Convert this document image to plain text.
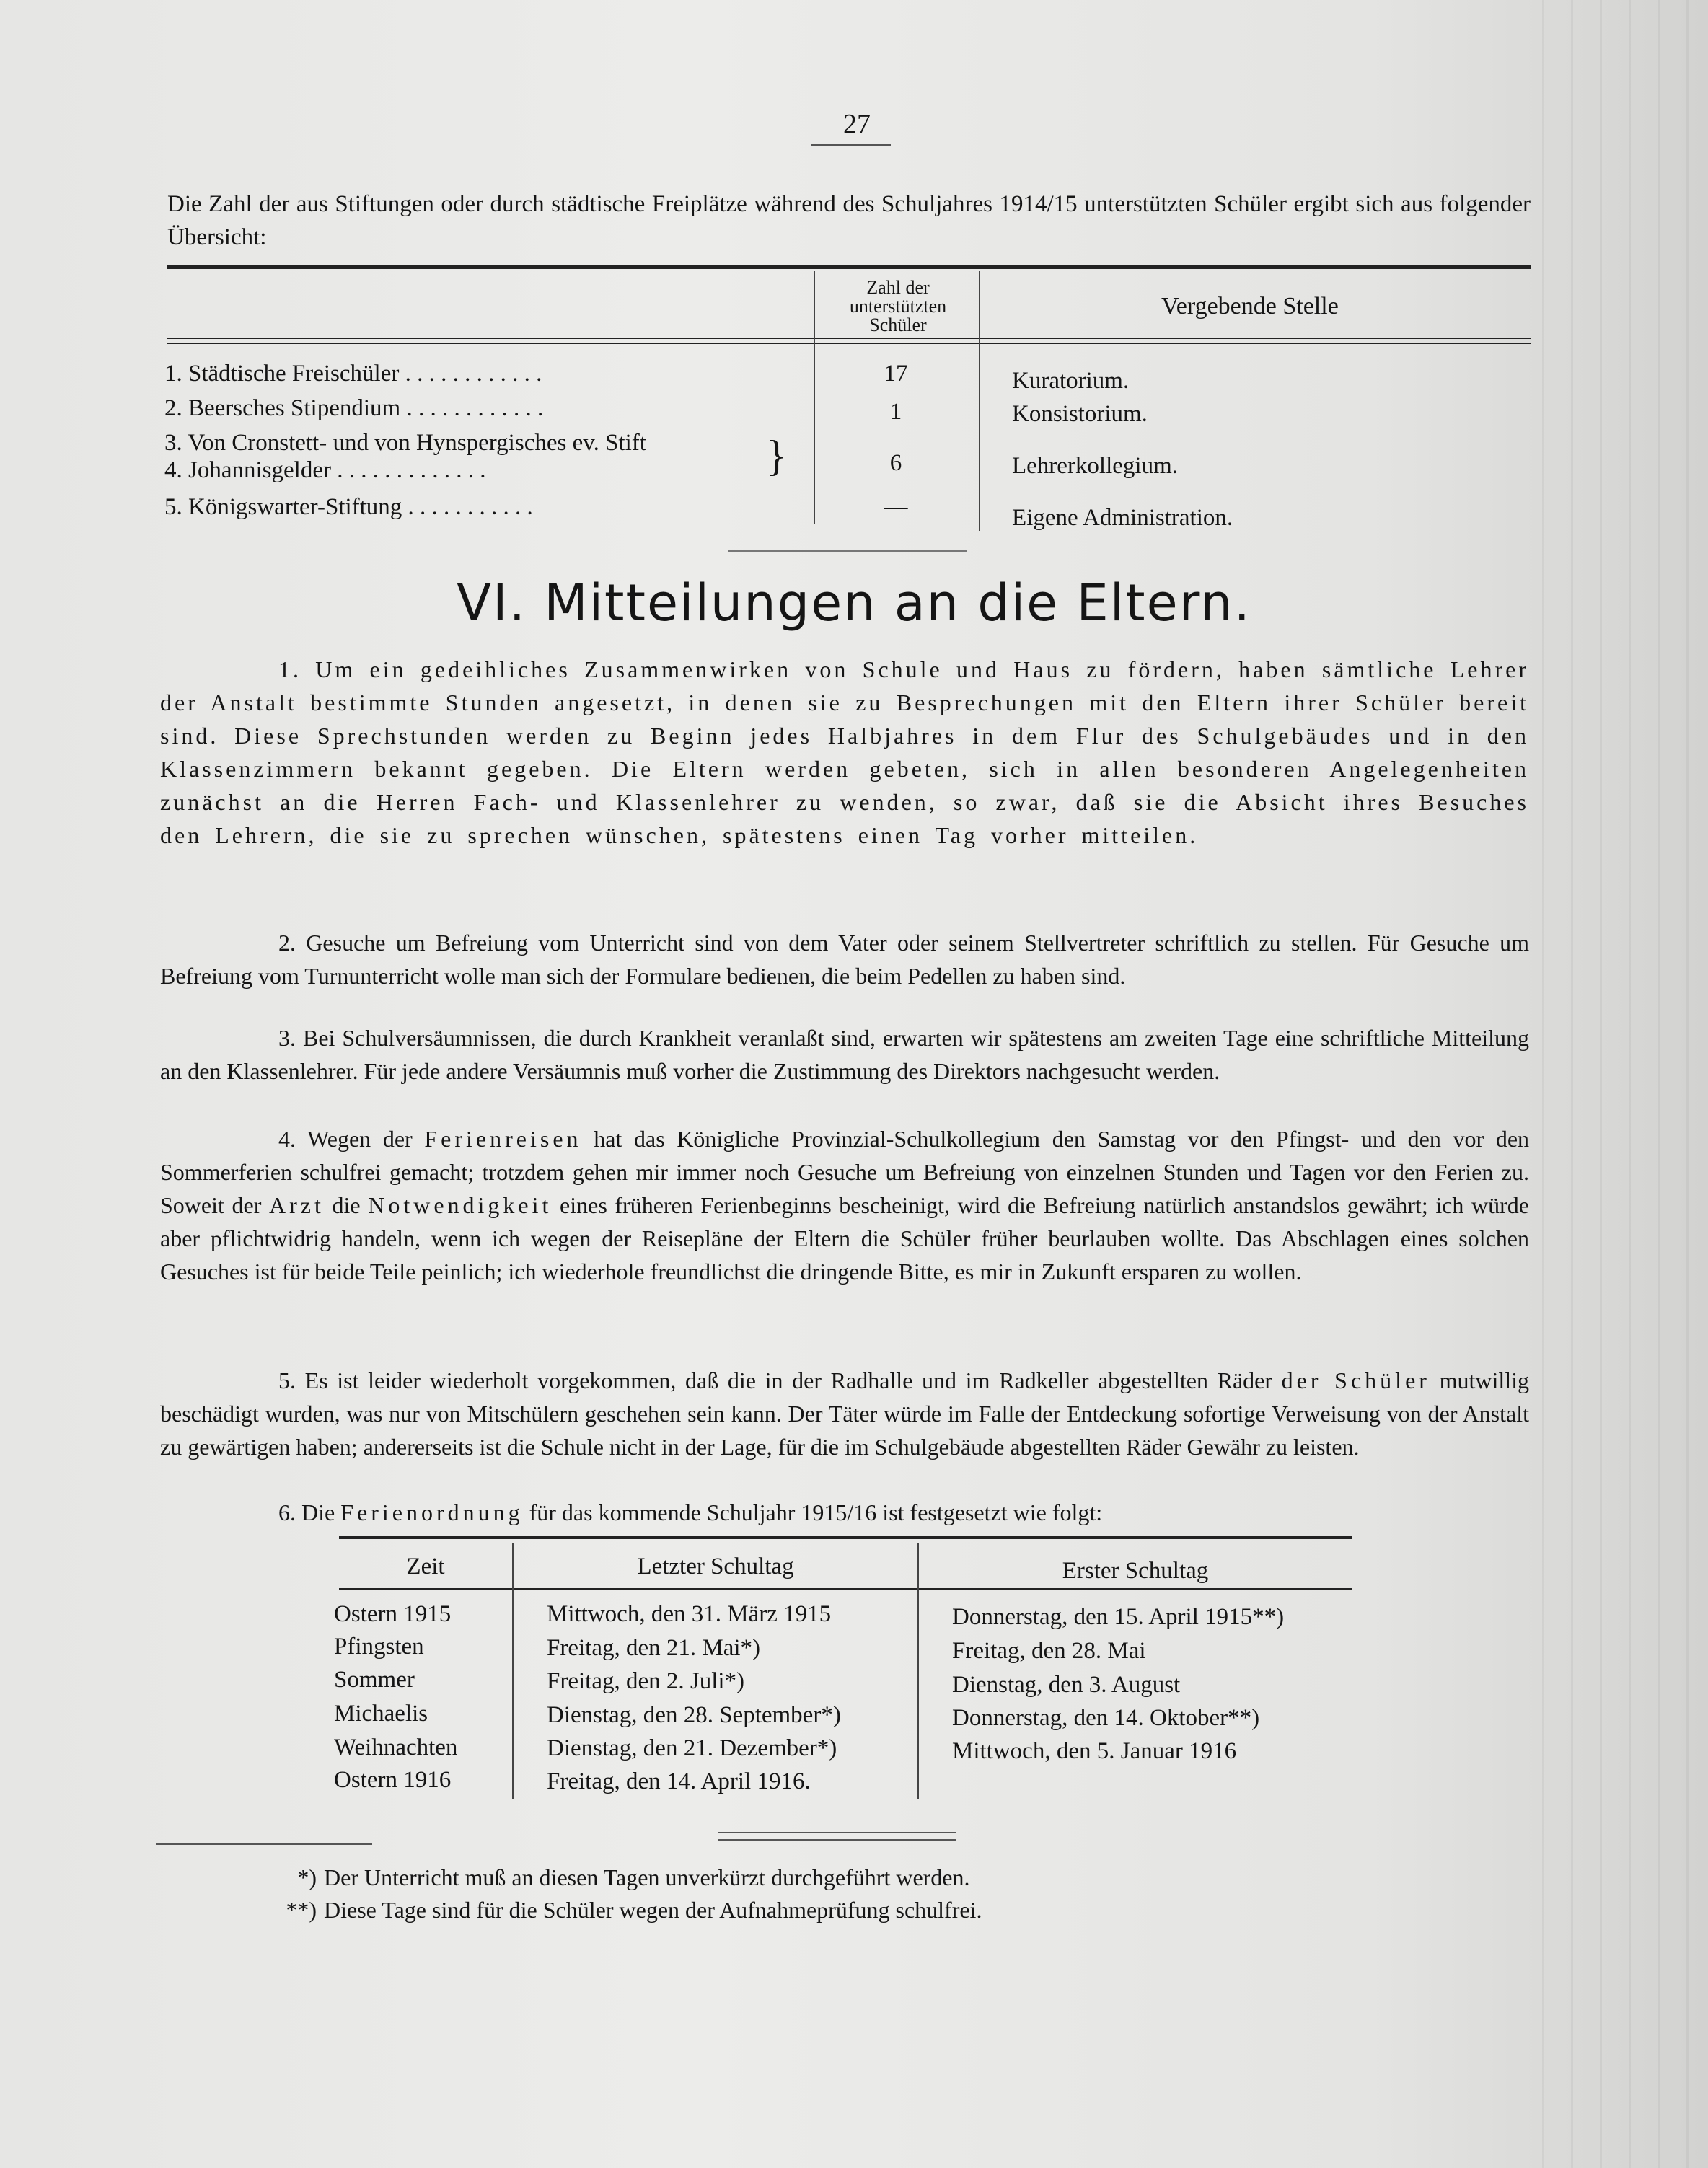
27
Die Zahl der aus Stiftungen oder durch städtische Freiplätze während des Schuljahres 1914/15 unterstützten Schüler ergibt sich aus folgender Übersicht:
Zahl der
unterstützten
Schüler
Vergebende Stelle
1. Städtische Freischüler . . . . . . . . . . . .	17	Kuratorium.
2. Beersches Stipendium . . . . . . . . . . . .	1	Konsistorium.
3. Von Cronstett- und von Hynspergisches ev. Stift
4. Johannisgelder . . . . . . . . . . . . .	}	6	Lehrerkollegium.
5. Königswarter-Stiftung . . . . . . . . . . .	—	Eigene Administration.
VI. Mitteilungen an die Eltern.
1. Um ein gedeihliches Zusammenwirken von Schule und Haus zu fördern, haben sämtliche Lehrer der Anstalt bestimmte Stunden angesetzt, in denen sie zu Besprechungen mit den Eltern ihrer Schüler bereit sind. Diese Sprechstunden werden zu Beginn jedes Halbjahres in dem Flur des Schulgebäudes und in den Klassenzimmern bekannt gegeben. Die Eltern werden gebeten, sich in allen besonderen Angelegenheiten zunächst an die Herren Fach- und Klassenlehrer zu wenden, so zwar, daß sie die Absicht ihres Besuches den Lehrern, die sie zu sprechen wünschen, spätestens einen Tag vorher mitteilen.
2. Gesuche um Befreiung vom Unterricht sind von dem Vater oder seinem Stellvertreter schriftlich zu stellen. Für Gesuche um Befreiung vom Turnunterricht wolle man sich der Formulare bedienen, die beim Pedellen zu haben sind.
3. Bei Schulversäumnissen, die durch Krankheit veranlaßt sind, erwarten wir spätestens am zweiten Tage eine schriftliche Mitteilung an den Klassenlehrer. Für jede andere Versäumnis muß vorher die Zustimmung des Direktors nachgesucht werden.
4. Wegen der Ferienreisen hat das Königliche Provinzial-Schulkollegium den Samstag vor den Pfingst- und den vor den Sommerferien schulfrei gemacht; trotzdem gehen mir immer noch Gesuche um Befreiung von einzelnen Stunden und Tagen vor den Ferien zu. Soweit der Arzt die Notwendigkeit eines früheren Ferienbeginns bescheinigt, wird die Befreiung natürlich anstandslos gewährt; ich würde aber pflichtwidrig handeln, wenn ich wegen der Reisepläne der Eltern die Schüler früher beurlauben wollte. Das Abschlagen eines solchen Gesuches ist für beide Teile peinlich; ich wiederhole freundlichst die dringende Bitte, es mir in Zukunft ersparen zu wollen.
5. Es ist leider wiederholt vorgekommen, daß die in der Radhalle und im Radkeller abgestellten Räder der Schüler mutwillig beschädigt wurden, was nur von Mitschülern geschehen sein kann. Der Täter würde im Falle der Entdeckung sofortige Verweisung von der Anstalt zu gewärtigen haben; andererseits ist die Schule nicht in der Lage, für die im Schulgebäude abgestellten Räder Gewähr zu leisten.
6. Die Ferienordnung für das kommende Schuljahr 1915/16 ist festgesetzt wie folgt:
Zeit	Letzter Schultag	Erster Schultag
Ostern 1915	Mittwoch, den 31. März 1915	Donnerstag, den 15. April 1915**)
Pfingsten	Freitag, den 21. Mai*)	Freitag, den 28. Mai
Sommer	Freitag, den 2. Juli*)	Dienstag, den 3. August
Michaelis	Dienstag, den 28. September*)	Donnerstag, den 14. Oktober**)
Weihnachten	Dienstag, den 21. Dezember*)	Mittwoch, den 5. Januar 1916
Ostern 1916	Freitag, den 14. April 1916.
*) Der Unterricht muß an diesen Tagen unverkürzt durchgeführt werden.
**) Diese Tage sind für die Schüler wegen der Aufnahmeprüfung schulfrei.
